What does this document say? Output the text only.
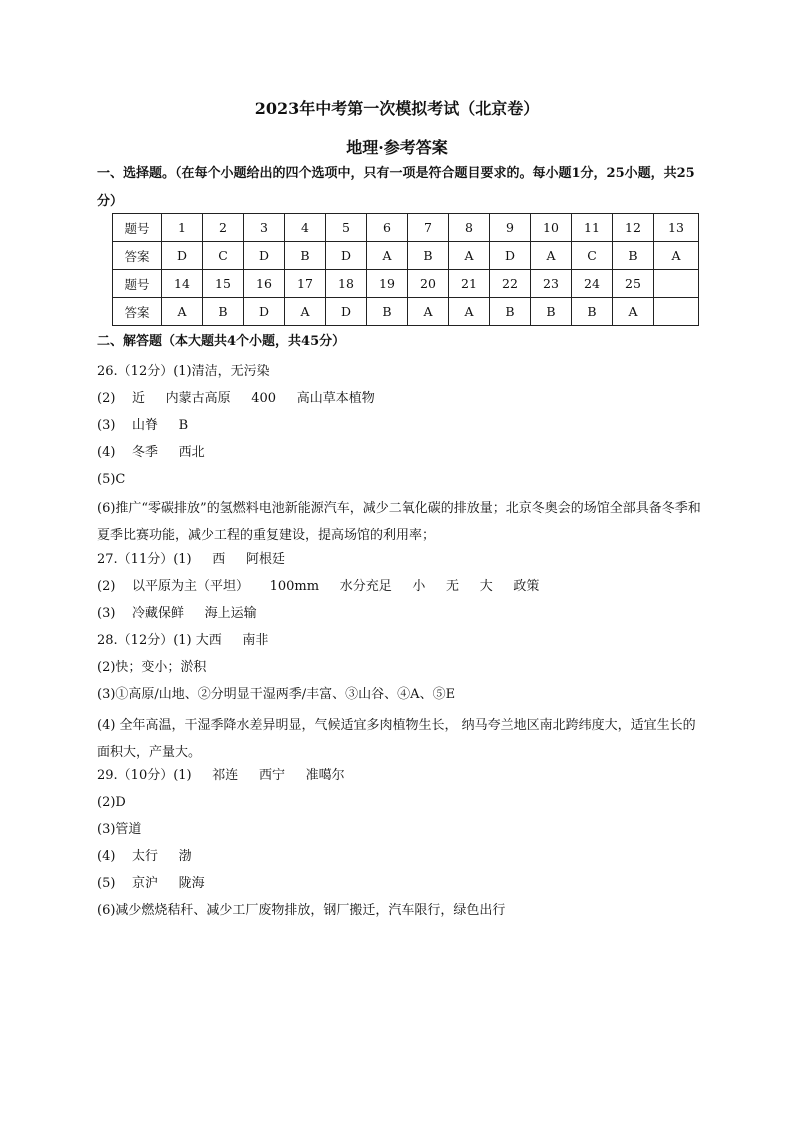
2023年中考第一次模拟考试（北京卷）
地理·参考答案
一、选择题。（在每个小题给出的四个选项中，只有一项是符合题目要求的。每小题1分，25小题，共25分）
题号	1	2	3	4	5	6	7	8	9	10	11	12	13
答案	D	C	D	B	D	A	B	A	D	A	C	B	A
题号	14	15	16	17	18	19	20	21	22	23	24	25	
答案	A	B	D	A	D	B	A	A	B	B	B	A	
二、解答题（本大题共4个小题，共45分）
26.（12分）(1)清洁，无污染
(2)    近     内蒙古高原     400     高山草本植物
(3)    山脊     B
(4)    冬季     西北
(5)C
(6)推广“零碳排放”的氢燃料电池新能源汽车，减少二氧化碳的排放量；北京冬奥会的场馆全部具备冬季和夏季比赛功能，减少工程的重复建设，提高场馆的利用率；
27.（11分）(1)     西     阿根廷
(2)    以平原为主（平坦）     100mm     水分充足     小     无     大     政策
(3)    冷藏保鲜     海上运输
28.（12分）(1) 大西     南非
(2)快；变小；淤积
(3)①高原/山地、②分明显干湿两季/丰富、③山谷、④A、⑤E
(4) 全年高温，干湿季降水差异明显，气候适宜多肉植物生长， 纳马夸兰地区南北跨纬度大，适宜生长的面积大，产量大。
29.（10分）(1)     祁连     西宁     准噶尔
(2)D
(3)管道
(4)    太行     渤
(5)    京沪     陇海
(6)减少燃烧秸秆、减少工厂废物排放，钢厂搬迁，汽车限行，绿色出行
